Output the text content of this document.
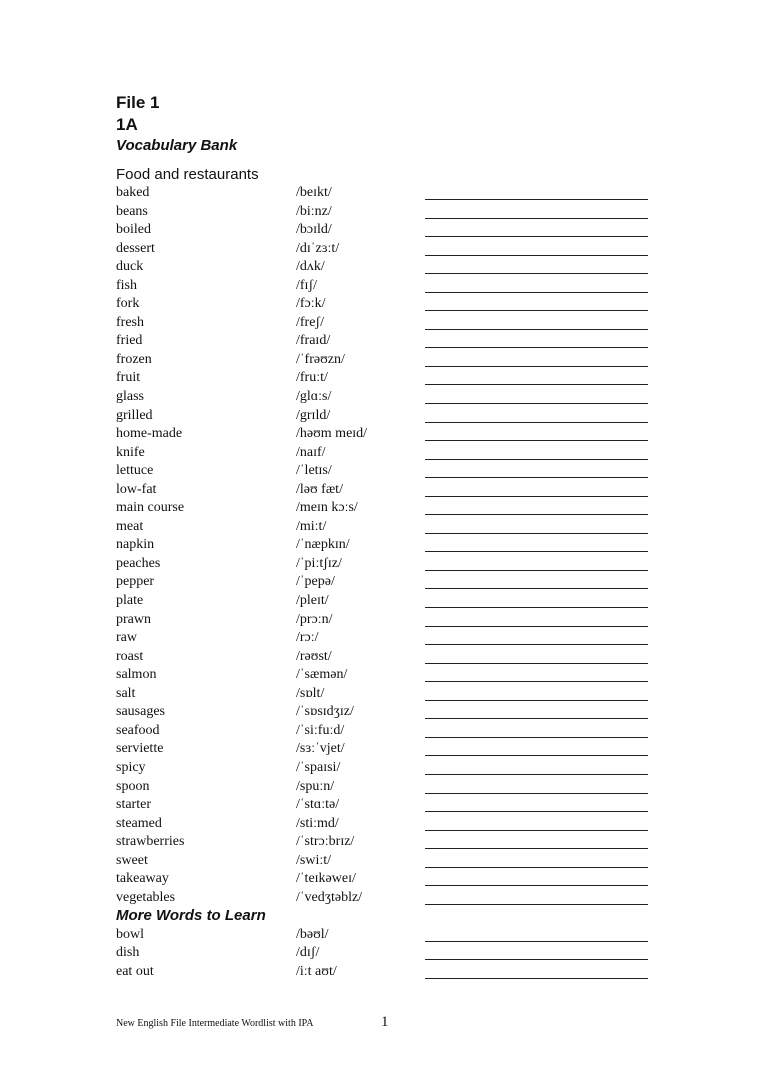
File 1
1A
Vocabulary Bank
Food and restaurants
baked	/beɪkt/
beans	/biːnz/
boiled	/bɔɪld/
dessert	/dɪˈzɜːt/
duck	/dʌk/
fish	/fɪʃ/
fork	/fɔːk/
fresh	/freʃ/
fried	/fraɪd/
frozen	/ˈfrəʊzn/
fruit	/fruːt/
glass	/glɑːs/
grilled	/grɪld/
home-made	/həʊm meɪd/
knife	/naɪf/
lettuce	/ˈletɪs/
low-fat	/ləʊ fæt/
main course	/meɪn kɔːs/
meat	/miːt/
napkin	/ˈnæpkɪn/
peaches	/ˈpiːtʃɪz/
pepper	/ˈpepə/
plate	/pleɪt/
prawn	/prɔːn/
raw	/rɔː/
roast	/rəʊst/
salmon	/ˈsæmən/
salt	/sɒlt/
sausages	/ˈsɒsɪdʒɪz/
seafood	/ˈsiːfuːd/
serviette	/sɜːˈvjet/
spicy	/ˈspaɪsi/
spoon	/spuːn/
starter	/ˈstɑːtə/
steamed	/stiːmd/
strawberries	/ˈstrɔːbrɪz/
sweet	/swiːt/
takeaway	/ˈteɪkəweɪ/
vegetables	/ˈvedʒtəblz/
More Words to Learn
bowl	/bəʊl/
dish	/dɪʃ/
eat out	/iːt aʊt/
New English File Intermediate Wordlist with IPA	1
